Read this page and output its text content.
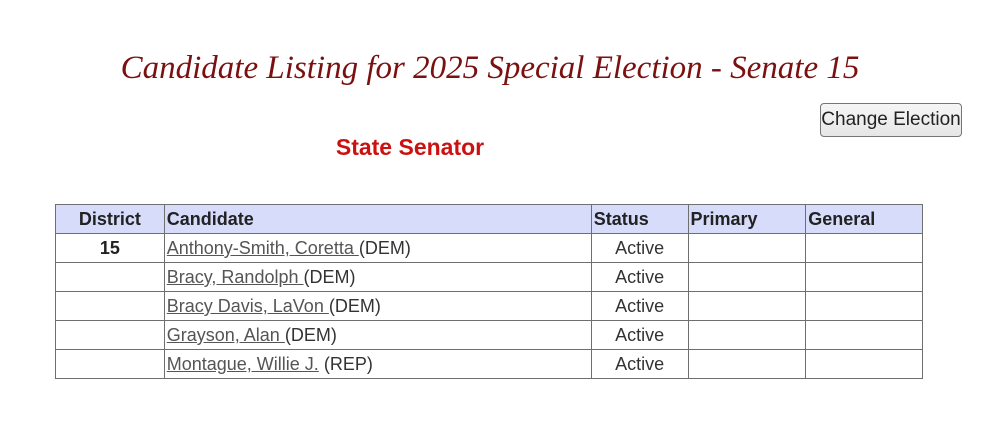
Candidate Listing for 2025 Special Election - Senate 15
Change Election
State Senator
District	Candidate	Status	Primary	General
15	Anthony-Smith, Coretta (DEM)	Active		
	Bracy, Randolph (DEM)	Active		
	Bracy Davis, LaVon (DEM)	Active		
	Grayson, Alan (DEM)	Active		
	Montague, Willie J. (REP)	Active		
